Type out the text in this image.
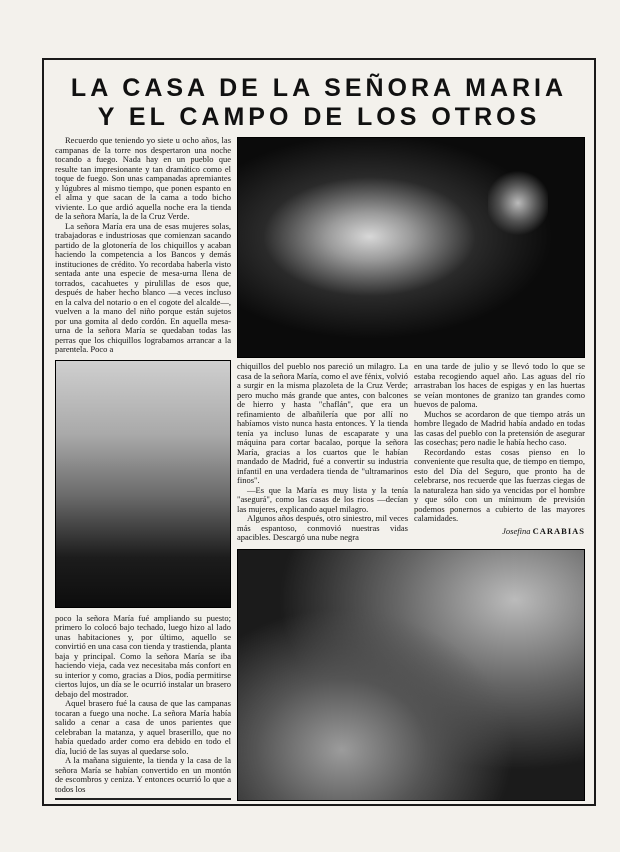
LA CASA DE LA SEÑORA MARIA
Y EL CAMPO DE LOS OTROS

Recuerdo que teniendo yo siete u ocho años, las campanas de la torre nos despertaron una noche tocando a fuego. Nada hay en un pueblo que resulte tan impresionante y tan dramático como el toque de fuego. Son unas campanadas apremiantes y lúgubres al mismo tiempo, que ponen espanto en el alma y que sacan de la cama a todo bicho viviente. Lo que ardió aquella noche era la tienda de la señora María, la de la Cruz Verde.

La señora María era una de esas mujeres solas, trabajadoras e industriosas que comienzan sacando partido de la glotonería de los chiquillos y acaban haciendo la competencia a los Bancos y demás instituciones de crédito. Yo recordaba haberla visto sentada ante una especie de mesa-urna llena de torrados, cacahuetes y pirulillas de esos que, después de haber hecho blanco —a veces incluso en la calva del notario o en el cogote del alcalde—, vuelven a la mano del niño porque están sujetos por una gomita al dedo cordón. En aquella mesa-urna de la señora María se quedaban todas las perras que los chiquillos lograbamos arrancar a la parentela. Poco a

poco la señora María fué ampliando su puesto; primero lo colocó bajo techado, luego hizo al lado unas habitaciones y, por último, aquello se convirtió en una casa con tienda y trastienda, planta baja y principal. Como la señora María se iba haciendo vieja, cada vez necesitaba más confort en su interior y como, gracias a Dios, podía permitirse ciertos lujos, un día se le ocurrió instalar un brasero debajo del mostrador.

Aquel brasero fué la causa de que las campanas tocaran a fuego una noche. La señora María había salido a cenar a casa de unos parientes que celebraban la matanza, y aquel braserillo, que no había quedado arder como era debido en todo el día, lució de las suyas al quedarse solo.

A la mañana siguiente, la tienda y la casa de la señora María se habían convertido en un montón de escombros y ceniza. Y entonces ocurrió lo que a todos los

chiquillos del pueblo nos pareció un milagro. La casa de la señora María, como el ave fénix, volvió a surgir en la misma plazoleta de la Cruz Verde; pero mucho más grande que antes, con balcones de hierro y hasta "chaflán", que era un refinamiento de albañilería que por allí no habíamos visto nunca hasta entonces. Y la tienda tenía ya incluso lunas de escaparate y una máquina para cortar bacalao, porque la señora María, gracias a los cuartos que le habían mandado de Madrid, fué a convertir su industria infantil en una verdadera tienda de "ultramarinos finos".

—Es que la María es muy lista y la tenía "asegurá", como las casas de los ricos —decían las mujeres, explicando aquel milagro.

Algunos años después, otro siniestro, mil veces más espantoso, conmovió nuestras vidas apacibles. Descargó una nube negra

en una tarde de julio y se llevó todo lo que se estaba recogiendo aquel año. Las aguas del río arrastraban los haces de espigas y en las huertas se veían montones de granizo tan grandes como huevos de paloma.

Muchos se acordaron de que tiempo atrás un hombre llegado de Madrid había andado en todas las casas del pueblo con la pretensión de asegurar las cosechas; pero nadie le había hecho caso.

Recordando estas cosas pienso en lo conveniente que resulta que, de tiempo en tiempo, esto del Día del Seguro, que pronto ha de celebrarse, nos recuerde que las fuerzas ciegas de la naturaleza han sido ya vencidas por el hombre y que sólo con un mínimum de previsión podemos ponernos a cubierto de las mayores calamidades.

Josefina CARABIAS
